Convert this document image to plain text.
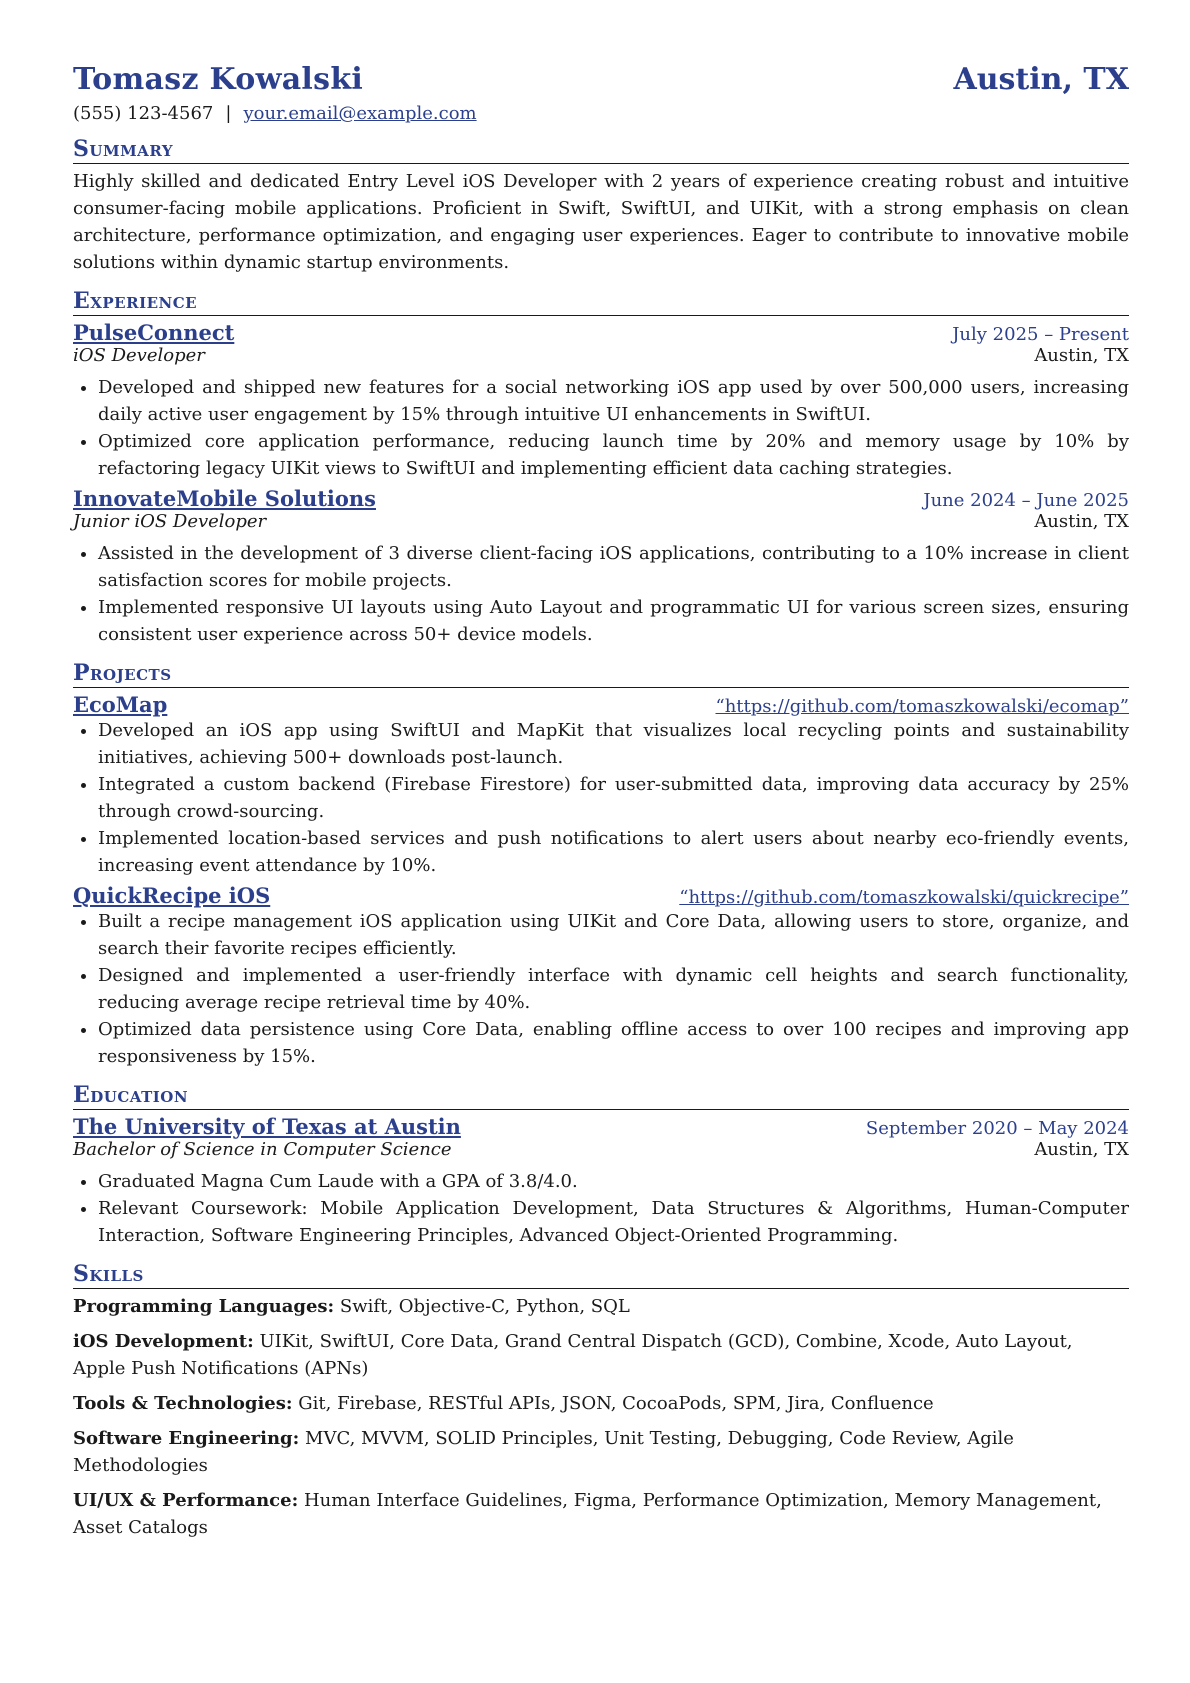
Tomasz Kowalski	Austin, TX
(555) 123-4567 | your.email@example.com
Summary
Highly skilled and dedicated Entry Level iOS Developer with 2 years of experience creating robust and intuitive consumer-facing mobile applications. Proficient in Swift, SwiftUI, and UIKit, with a strong emphasis on clean architecture, performance optimization, and engaging user experiences. Eager to contribute to innovative mobile solutions within dynamic startup environments.
Experience
PulseConnect	July 2025 – Present
iOS Developer	Austin, TX
• Developed and shipped new features for a social networking iOS app used by over 500,000 users, increasing daily active user engagement by 15% through intuitive UI enhancements in SwiftUI.
• Optimized core application performance, reducing launch time by 20% and memory usage by 10% by refactoring legacy UIKit views to SwiftUI and implementing efficient data caching strategies.
InnovateMobile Solutions	June 2024 – June 2025
Junior iOS Developer	Austin, TX
• Assisted in the development of 3 diverse client-facing iOS applications, contributing to a 10% increase in client satisfaction scores for mobile projects.
• Implemented responsive UI layouts using Auto Layout and programmatic UI for various screen sizes, ensuring consistent user experience across 50+ device models.
Projects
EcoMap	“https://github.com/tomaszkowalski/ecomap”
• Developed an iOS app using SwiftUI and MapKit that visualizes local recycling points and sustainability initiatives, achieving 500+ downloads post-launch.
• Integrated a custom backend (Firebase Firestore) for user-submitted data, improving data accuracy by 25% through crowd-sourcing.
• Implemented location-based services and push notifications to alert users about nearby eco-friendly events, increasing event attendance by 10%.
QuickRecipe iOS	“https://github.com/tomaszkowalski/quickrecipe”
• Built a recipe management iOS application using UIKit and Core Data, allowing users to store, organize, and search their favorite recipes efficiently.
• Designed and implemented a user-friendly interface with dynamic cell heights and search functionality, reducing average recipe retrieval time by 40%.
• Optimized data persistence using Core Data, enabling offline access to over 100 recipes and improving app responsiveness by 15%.
Education
The University of Texas at Austin	September 2020 – May 2024
Bachelor of Science in Computer Science	Austin, TX
• Graduated Magna Cum Laude with a GPA of 3.8/4.0.
• Relevant Coursework: Mobile Application Development, Data Structures & Algorithms, Human-Computer Interaction, Software Engineering Principles, Advanced Object-Oriented Programming.
Skills
Programming Languages: Swift, Objective-C, Python, SQL
iOS Development: UIKit, SwiftUI, Core Data, Grand Central Dispatch (GCD), Combine, Xcode, Auto Layout, Apple Push Notifications (APNs)
Tools & Technologies: Git, Firebase, RESTful APIs, JSON, CocoaPods, SPM, Jira, Confluence
Software Engineering: MVC, MVVM, SOLID Principles, Unit Testing, Debugging, Code Review, Agile Methodologies
UI/UX & Performance: Human Interface Guidelines, Figma, Performance Optimization, Memory Management, Asset Catalogs
